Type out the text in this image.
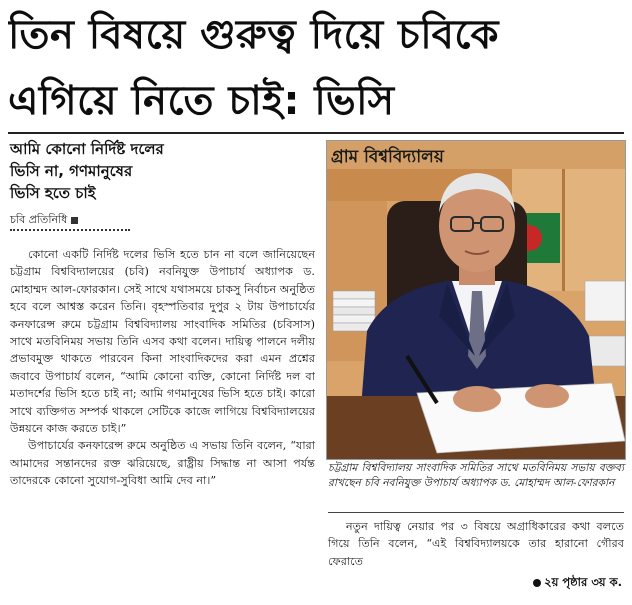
তিন বিষয়ে গুরুত্ব দিয়ে চবিকে
এগিয়ে নিতে চাই: ভিসি
আমি কোনো নির্দিষ্ট দলের
ভিসি না, গণমানুষের
ভিসি হতে চাই
চবি প্রতিনিধি

কোনো একটি নির্দিষ্ট দলের ভিসি হতে চান না বলে জানিয়েছেন চট্টগ্রাম বিশ্ববিদ্যালয়ের (চবি) নবনিযুক্ত উপাচার্য অধ্যাপক ড. মোহাম্মদ আল-ফোরকান। সেই সাথে যথাসময়ে চাকসু নির্বাচন অনুষ্ঠিত হবে বলে আশ্বস্ত করেন তিনি। বৃহস্পতিবার দুপুর ২ টায় উপাচার্যের কনফারেন্স রুমে চট্টগ্রাম বিশ্ববিদ্যালয় সাংবাদিক সমিতির (চবিসাস) সাথে মতবিনিময় সভায় তিনি এসব কথা বলেন। দায়িত্ব পালনে দলীয় প্রভাবমুক্ত থাকতে পারবেন কিনা সাংবাদিকদের করা এমন প্রশ্নের জবাবে উপাচার্য বলেন, “আমি কোনো ব্যক্তি, কোনো নির্দিষ্ট দল বা মতাদর্শের ভিসি হতে চাই না; আমি গণমানুষের ভিসি হতে চাই। কারো সাথে ব্যক্তিগত সম্পর্ক থাকলে সেটিকে কাজে লাগিয়ে বিশ্ববিদ্যালয়ের উন্নয়নে কাজ করতে চাই।”

উপাচার্যের কনফারেন্স রুমে অনুষ্ঠিত এ সভায় তিনি বলেন, “যারা আমাদের সন্তানদের রক্ত ঝরিয়েছে, রাষ্ট্রীয় সিদ্ধান্ত না আসা পর্যন্ত তাদেরকে কোনো সুযোগ-সুবিধা আমি দেব না।”

গ্রাম বিশ্ববিদ্যালয়
চট্টগ্রাম বিশ্ববিদ্যালয় সাংবাদিক সমিতির সাথে মতবিনিময় সভায় বক্তব্য রাখছেন চবি নবনিযুক্ত উপাচার্য অধ্যাপক ড. মোহাম্মদ আল-ফোরকান

নতুন দায়িত্ব নেয়ার পর ৩ বিষয়ে অগ্রাধিকারের কথা বলতে গিয়ে তিনি বলেন, “এই বিশ্ববিদ্যালয়কে তার হারানো গৌরব ফেরাতে

২য় পৃষ্ঠার ৩য় ক.
